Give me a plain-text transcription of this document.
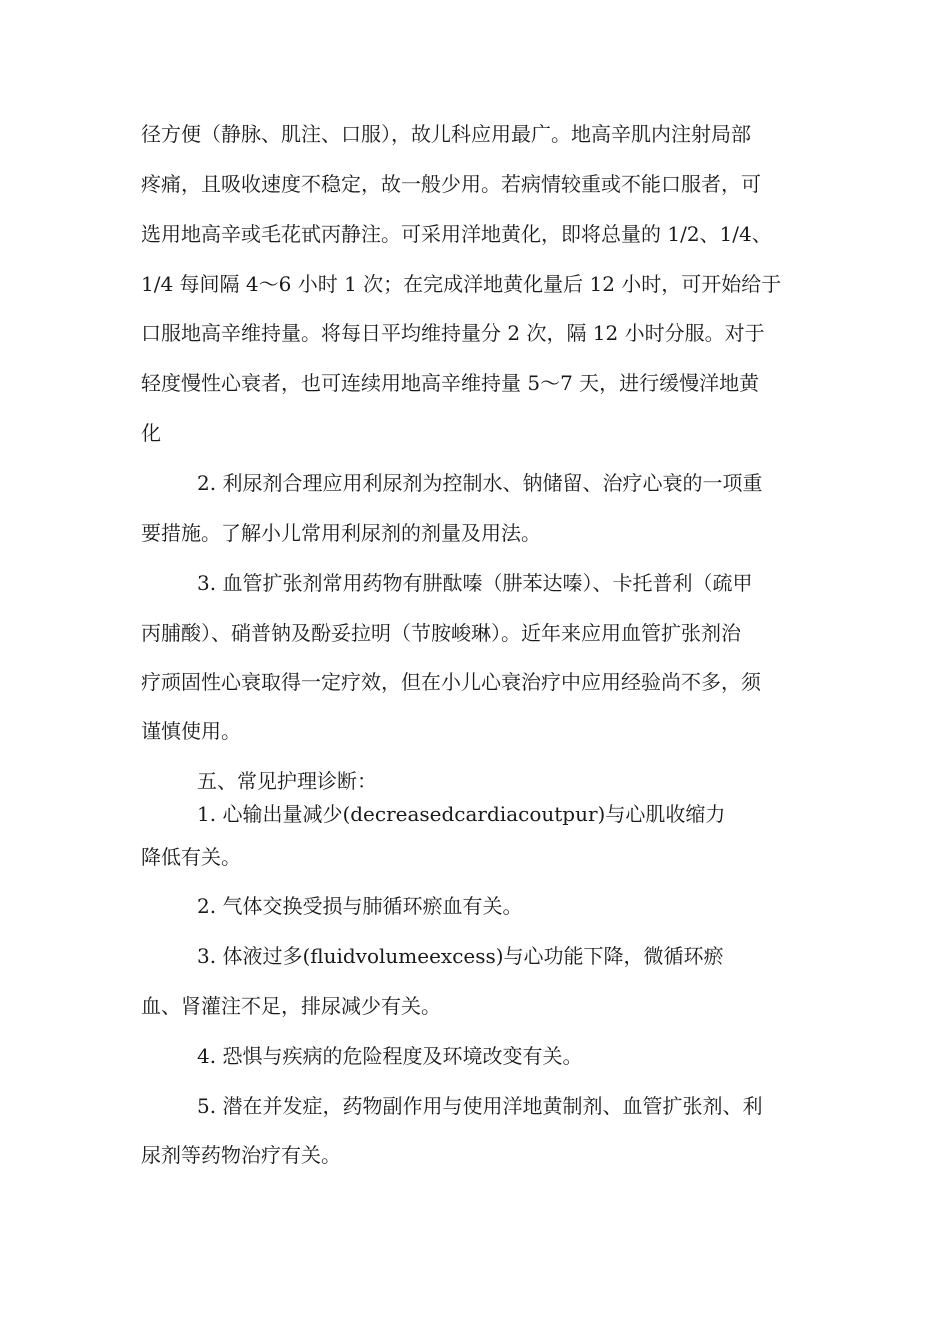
径方便（静脉、肌注、口服），故儿科应用最广。地高辛肌内注射局部
疼痛，且吸收速度不稳定，故一般少用。若病情较重或不能口服者，可
选用地高辛或毛花甙丙静注。可采用洋地黄化，即将总量的 1/2、1/4、
1/4 每间隔 4～6 小时 1 次；在完成洋地黄化量后 12 小时，可开始给于
口服地高辛维持量。将每日平均维持量分 2 次，隔 12 小时分服。对于
轻度慢性心衰者，也可连续用地高辛维持量 5～7 天，进行缓慢洋地黄
化
2. 利尿剂合理应用利尿剂为控制水、钠储留、治疗心衰的一项重
要措施。了解小儿常用利尿剂的剂量及用法。
3. 血管扩张剂常用药物有肼酞嗪（肼苯达嗪）、卡托普利（疏甲
丙脯酸）、硝普钠及酚妥拉明（节胺峻琳）。近年来应用血管扩张剂治
疗顽固性心衰取得一定疗效，但在小儿心衰治疗中应用经验尚不多，须
谨慎使用。
五、常见护理诊断：
1. 心输出量减少(decreasedcardiacoutpur)与心肌收缩力
降低有关。
2. 气体交换受损与肺循环瘀血有关。
3. 体液过多(fluidvolumeexcess)与心功能下降，微循环瘀
血、肾灌注不足，排尿减少有关。
4. 恐惧与疾病的危险程度及环境改变有关。
5. 潜在并发症，药物副作用与使用洋地黄制剂、血管扩张剂、利
尿剂等药物治疗有关。
